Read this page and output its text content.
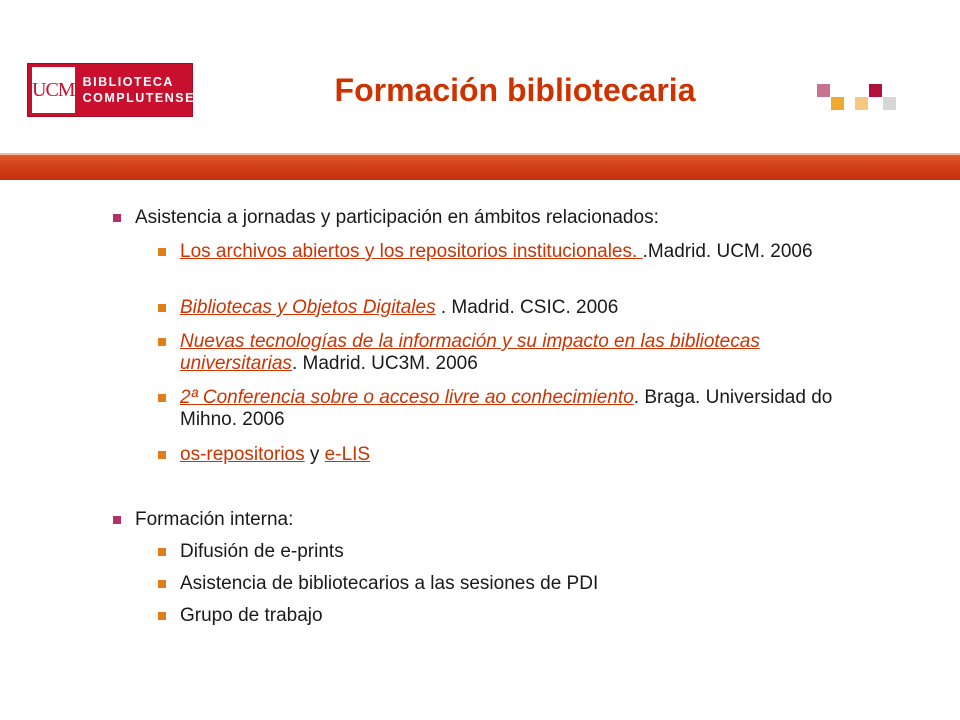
UCM BIBLIOTECA
COMPLUTENSE	Formación bibliotecaria
Asistencia a jornadas y participación en ámbitos relacionados:
Los archivos abiertos y los repositorios institucionales. .Madrid. UCM. 2006
Bibliotecas y Objetos Digitales . Madrid. CSIC. 2006
Nuevas tecnologías de la información y su impacto en las bibliotecas universitarias. Madrid. UC3M. 2006
2ª Conferencia sobre o acceso livre ao conhecimiento. Braga. Universidad do Mihno. 2006
os-repositorios y e-LIS
Formación interna:
Difusión de e-prints
Asistencia de bibliotecarios a las sesiones de PDI
Grupo de trabajo
